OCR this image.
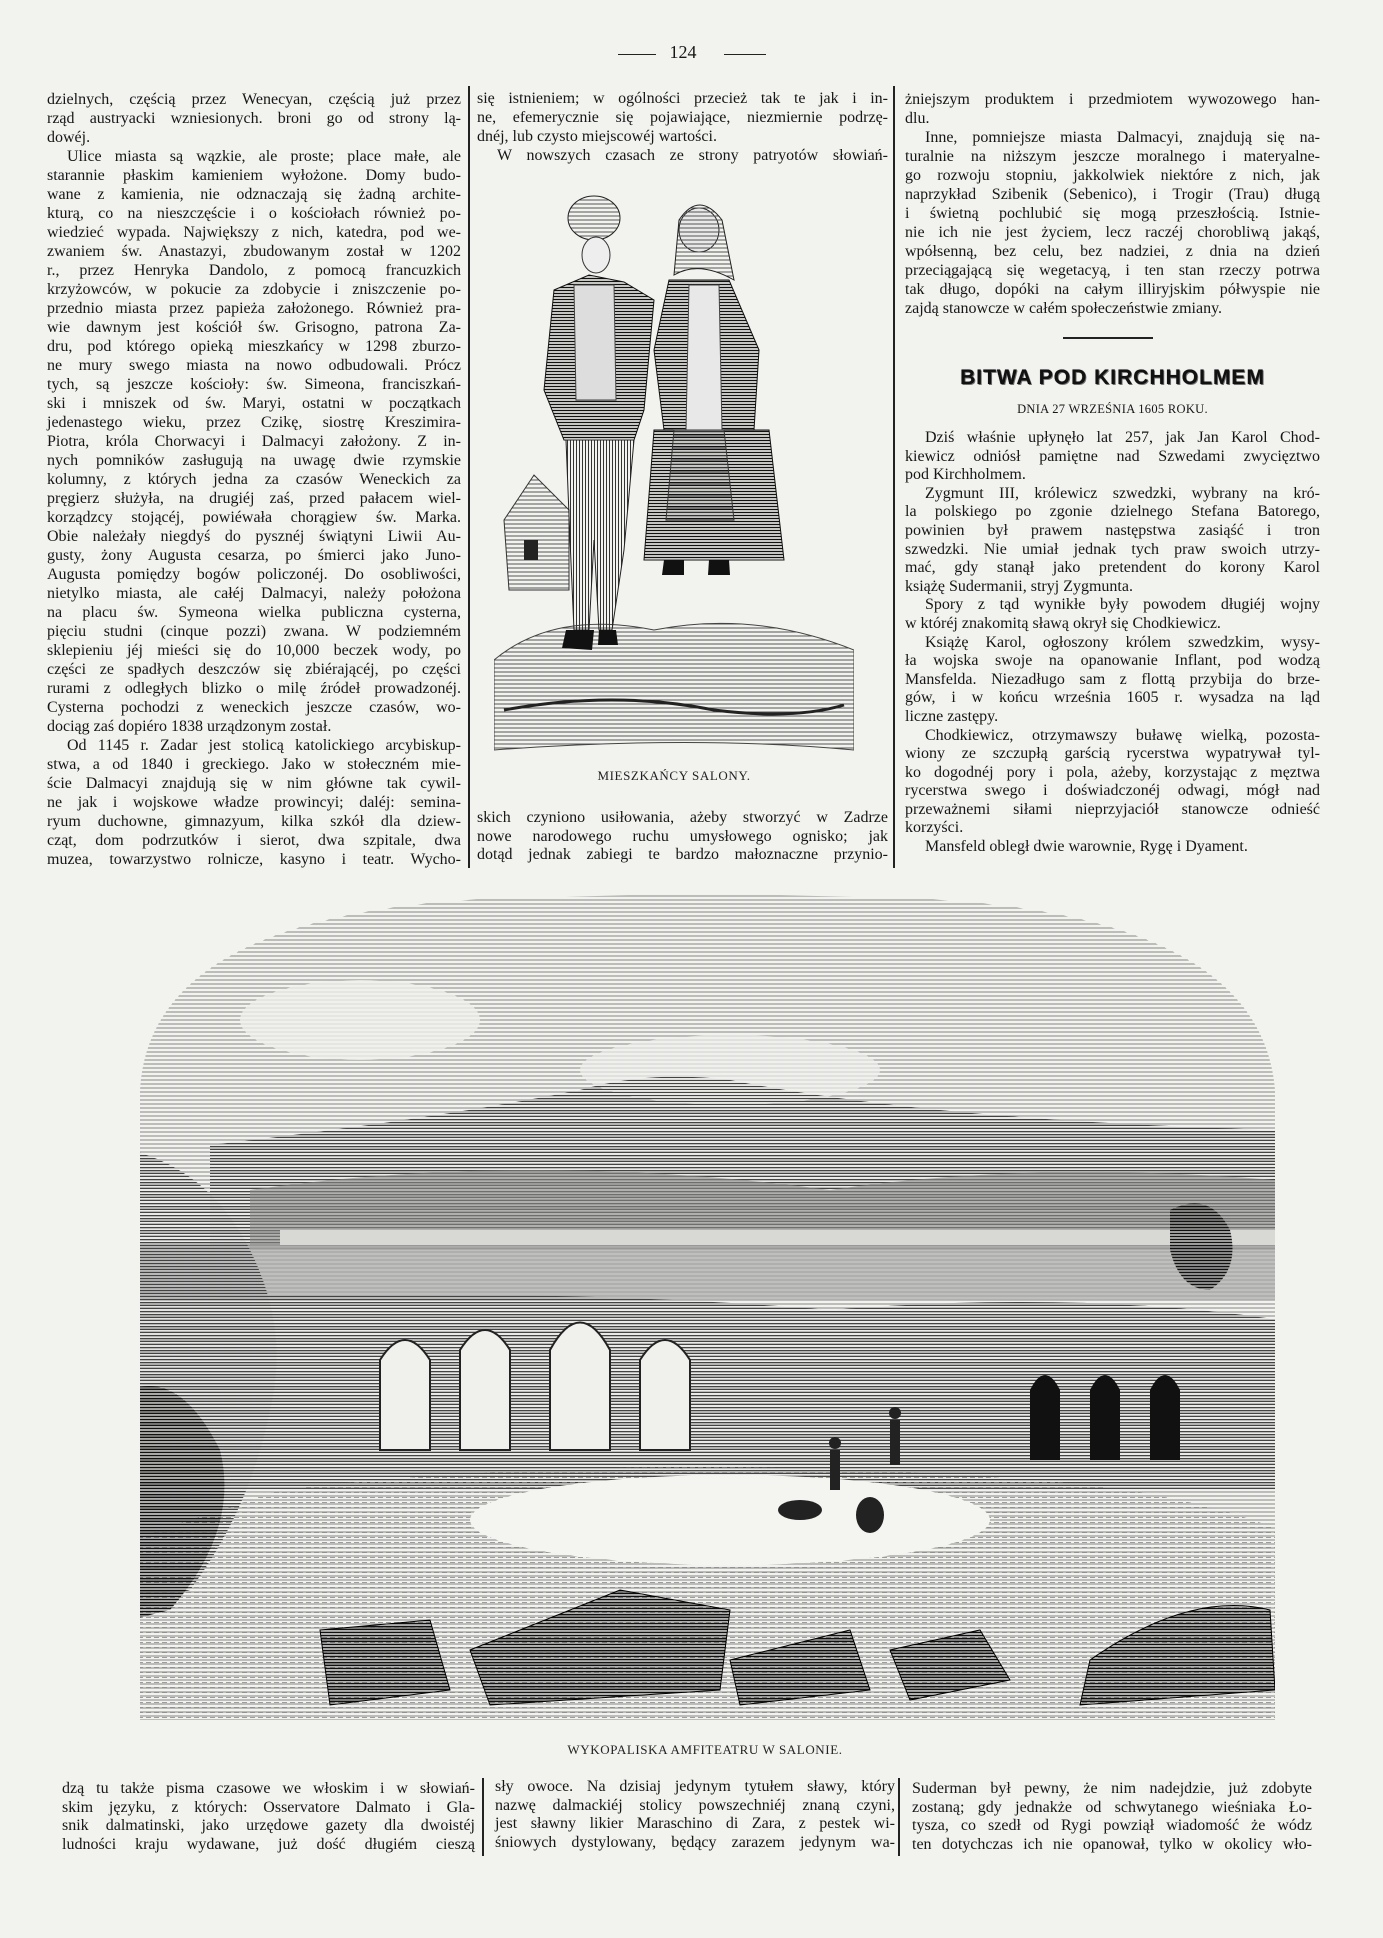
124
dzielnych, częścią przez Wenecyan, częścią już przez
rząd austryacki wzniesionych. broni go od strony lą-
dowéj.
Ulice miasta są wązkie, ale proste; place małe, ale
starannie płaskim kamieniem wyłożone. Domy budo-
wane z kamienia, nie odznaczają się żadną archite-
kturą, co na nieszczęście i o kościołach również po-
wiedzieć wypada. Największy z nich, katedra, pod we-
zwaniem św. Anastazyi, zbudowanym został w 1202
r., przez Henryka Dandolo, z pomocą francuzkich
krzyżowców, w pokucie za zdobycie i zniszczenie po-
przednio miasta przez papieża założonego. Również pra-
wie dawnym jest kościół św. Grisogno, patrona Za-
dru, pod którego opieką mieszkańcy w 1298 zburzo-
ne mury swego miasta na nowo odbudowali. Prócz
tych, są jeszcze kościoły: św. Simeona, franciszkań-
ski i mniszek od św. Maryi, ostatni w początkach
jedenastego wieku, przez Czikę, siostrę Kreszimira-
Piotra, króla Chorwacyi i Dalmacyi założony. Z in-
nych pomników zasługują na uwagę dwie rzymskie
kolumny, z których jedna za czasów Weneckich za
pręgierz służyła, na drugiéj zaś, przed pałacem wiel-
korządzcy stojącéj, powiéwała chorągiew św. Marka.
Obie należały niegdyś do pysznéj świątyni Liwii Au-
gusty, żony Augusta cesarza, po śmierci jako Juno-
Augusta pomiędzy bogów policzonéj. Do osobliwości,
nietylko miasta, ale całéj Dalmacyi, należy położona
na placu św. Symeona wielka publiczna cysterna,
pięciu studni (cinque pozzi) zwana. W podziemném
sklepieniu jéj mieści się do 10,000 beczek wody, po
części ze spadłych deszczów się zbiérającéj, po części
rurami z odległych blizko o milę źródeł prowadzonéj.
Cysterna pochodzi z weneckich jeszcze czasów, wo-
dociąg zaś dopiéro 1838 urządzonym został.
Od 1145 r. Zadar jest stolicą katolickiego arcybiskup-
stwa, a od 1840 i greckiego. Jako w stołeczném mie-
ście Dalmacyi znajdują się w nim główne tak cywil-
ne jak i wojskowe władze prowincyi; daléj: semina-
ryum duchowne, gimnazyum, kilka szkół dla dziew-
cząt, dom podrzutków i sierot, dwa szpitale, dwa
muzea, towarzystwo rolnicze, kasyno i teatr. Wycho-
się istnieniem; w ogólności przecież tak te jak i in-
ne, efemerycznie się pojawiające, niezmiernie podrzę-
dnéj, lub czysto miejscowéj wartości.
W nowszych czasach ze strony patryotów słowiań-
MIESZKAŃCY SALONY.
skich czyniono usiłowania, ażeby stworzyć w Zadrze
nowe narodowego ruchu umysłowego ognisko; jak
dotąd jednak zabiegi te bardzo małoznaczne przynio-
żniejszym produktem i przedmiotem wywozowego han-
dlu.
Inne, pomniejsze miasta Dalmacyi, znajdują się na-
turalnie na niższym jeszcze moralnego i materyalne-
go rozwoju stopniu, jakkolwiek niektóre z nich, jak
naprzykład Szibenik (Sebenico), i Trogir (Trau) długą
i świetną pochlubić się mogą przeszłością. Istnie-
nie ich nie jest życiem, lecz raczéj chorobliwą jakąś,
wpółsenną, bez celu, bez nadziei, z dnia na dzień
przeciągającą się wegetacyą, i ten stan rzeczy potrwa
tak długo, dopóki na całym illiryjskim półwyspie nie
zajdą stanowcze w całém społeczeństwie zmiany.
BITWA POD KIRCHHOLMEM
DNIA 27 WRZEŚNIA 1605 ROKU.
Dziś właśnie upłynęło lat 257, jak Jan Karol Chod-
kiewicz odniósł pamiętne nad Szwedami zwycięztwo
pod Kirchholmem.
Zygmunt III, królewicz szwedzki, wybrany na kró-
la polskiego po zgonie dzielnego Stefana Batorego,
powinien był prawem następstwa zasiąść i tron
szwedzki. Nie umiał jednak tych praw swoich utrzy-
mać, gdy stanął jako pretendent do korony Karol
książę Sudermanii, stryj Zygmunta.
Spory z tąd wynikłe były powodem długiéj wojny
w któréj znakomitą sławą okrył się Chodkiewicz.
Książę Karol, ogłoszony królem szwedzkim, wysy-
ła wojska swoje na opanowanie Inflant, pod wodzą
Mansfelda. Niezadługo sam z flottą przybija do brze-
gów, i w końcu września 1605 r. wysadza na ląd
liczne zastępy.
Chodkiewicz, otrzymawszy buławę wielką, pozosta-
wiony ze szczupłą garścią rycerstwa wypatrywał tyl-
ko dogodnéj pory i pola, ażeby, korzystając z męztwa
rycerstwa swego i doświadczonéj odwagi, mógł nad
przeważnemi siłami nieprzyjaciół stanowcze odnieść
korzyści.
Mansfeld obległ dwie warownie, Rygę i Dyament.
WYKOPALISKA AMFITEATRU W SALONIE.
dzą tu także pisma czasowe we włoskim i w słowiań-
skim języku, z których: Osservatore Dalmato i Gla-
snik dalmatinski, jako urzędowe gazety dla dwoistéj
ludności kraju wydawane, już dość długiém cieszą
sły owoce. Na dzisiaj jedynym tytułem sławy, który
nazwę dalmackiéj stolicy powszechniéj znaną czyni,
jest sławny likier Maraschino di Zara, z pestek wi-
śniowych dystylowany, będący zarazem jedynym wa-
Suderman był pewny, że nim nadejdzie, już zdobyte
zostaną; gdy jednakże od schwytanego wieśniaka Ło-
tysza, co szedł od Rygi powziął wiadomość że wódz
ten dotychczas ich nie opanował, tylko w okolicy wło-
